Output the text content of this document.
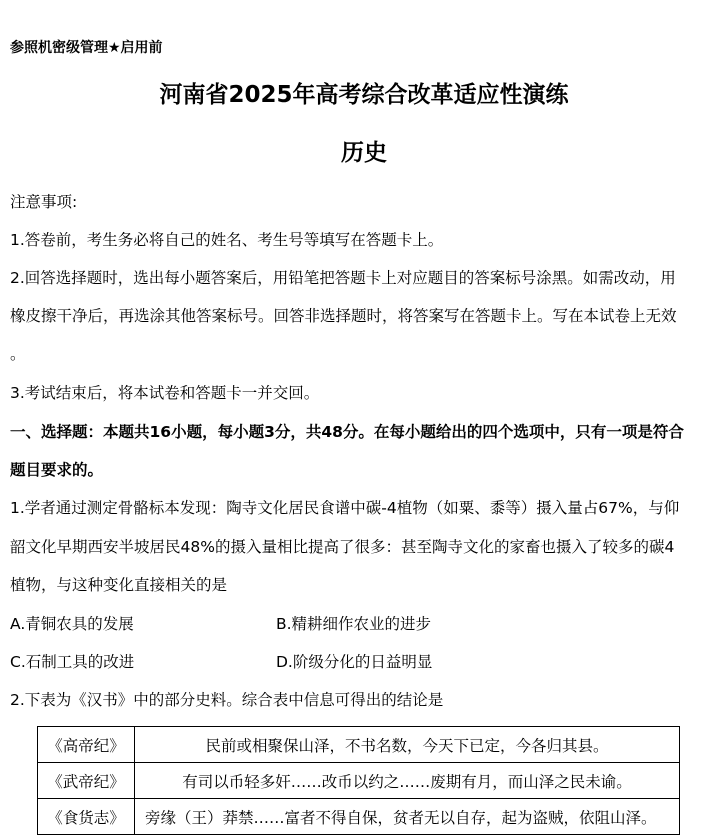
参照机密级管理★启用前
河南省2025年高考综合改革适应性演练
历史
注意事项:
1.答卷前，考生务必将自己的姓名、考生号等填写在答题卡上。
2.回答选择题时，选出每小题答案后，用铅笔把答题卡上对应题目的答案标号涂黑。如需改动，用
橡皮擦干净后，再选涂其他答案标号。回答非选择题时，将答案写在答题卡上。写在本试卷上无效
。
3.考试结束后，将本试卷和答题卡一并交回。
一、选择题：本题共16小题，每小题3分，共48分。在每小题给出的四个选项中，只有一项是符合
题目要求的。
1.学者通过测定骨骼标本发现：陶寺文化居民食谱中碳-4植物（如粟、黍等）摄入量占67%，与仰
韶文化早期西安半坡居民48%的摄入量相比提高了很多：甚至陶寺文化的家畜也摄入了较多的碳4
植物，与这种变化直接相关的是
A.青铜农具的发展	B.精耕细作农业的进步
C.石制工具的改进	D.阶级分化的日益明显
2.下表为《汉书》中的部分史料。综合表中信息可得出的结论是
《高帝纪》	民前或相聚保山泽，不书名数，今天下已定，今各归其县。
《武帝纪》	有司以币轻多奸……改币以约之……废期有月，而山泽之民未谕。
《食货志》	旁缘（王）莽禁……富者不得自保，贫者无以自存，起为盗贼，依阻山泽。
